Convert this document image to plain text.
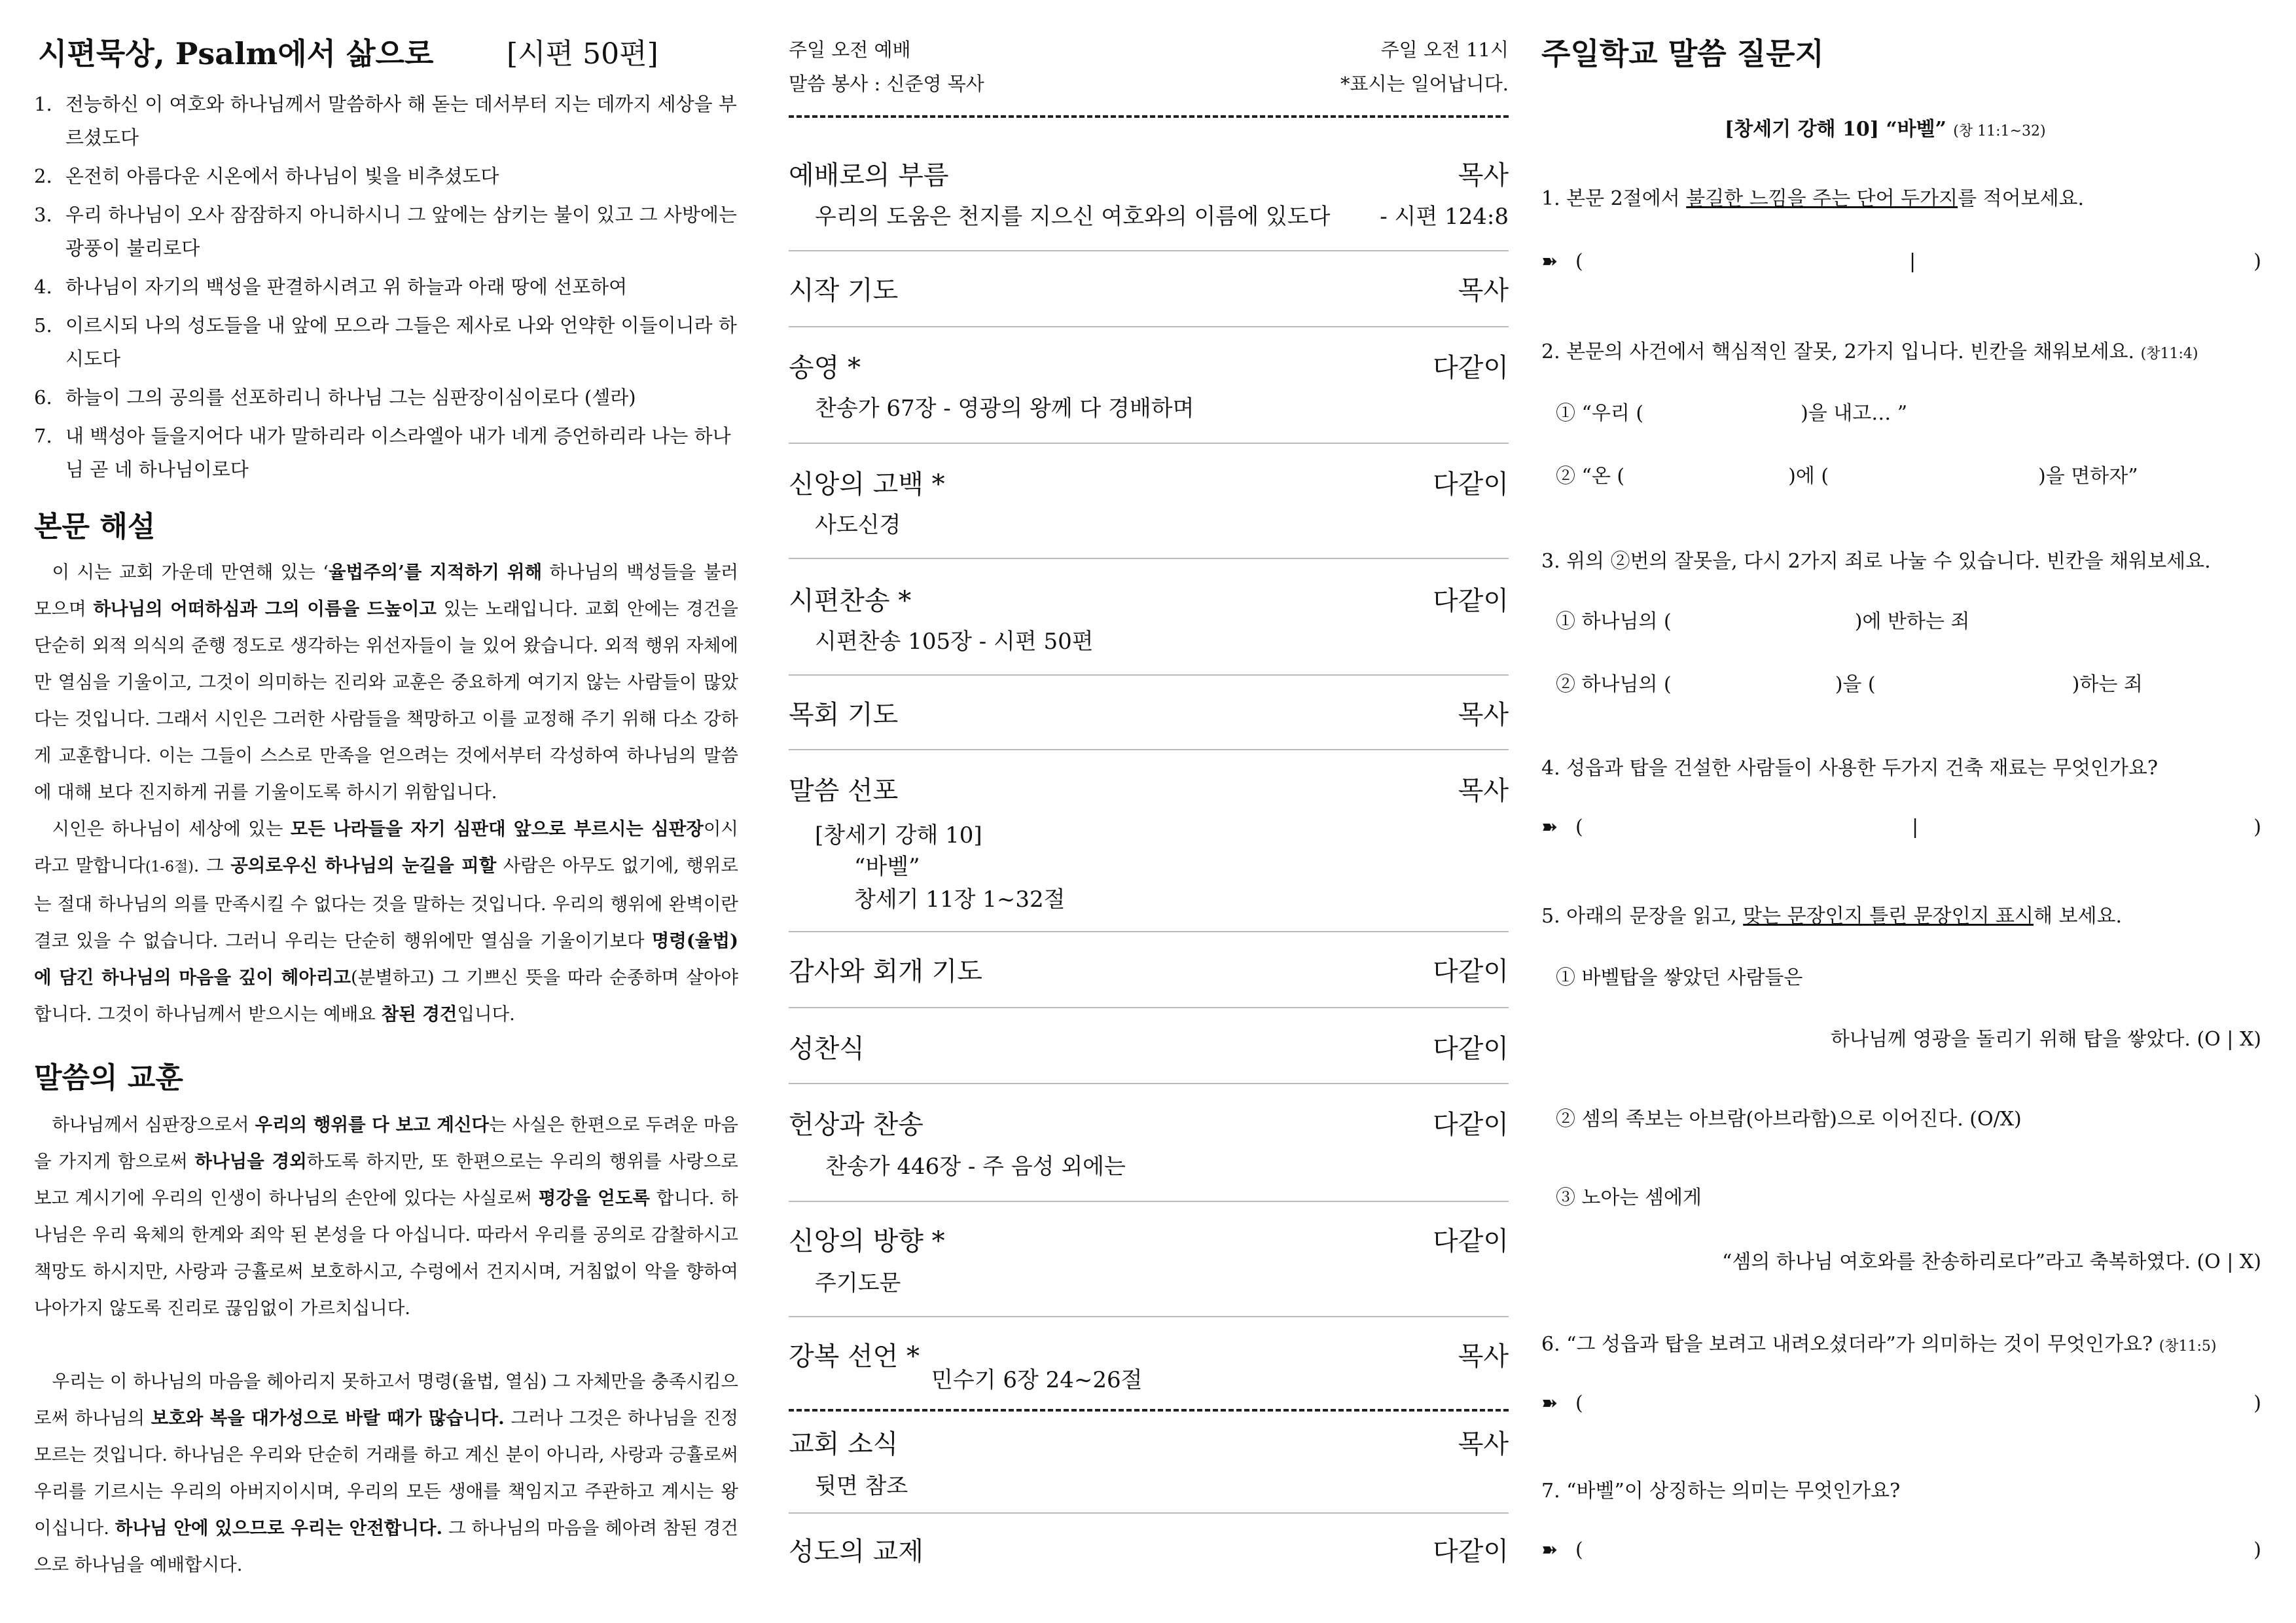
시편묵상, Psalm에서 삶으로	[시편 50편]
1. 전능하신 이 여호와 하나님께서 말씀하사 해 돋는 데서부터 지는 데까지 세상을 부르셨도다
2. 온전히 아름다운 시온에서 하나님이 빛을 비추셨도다
3. 우리 하나님이 오사 잠잠하지 아니하시니 그 앞에는 삼키는 불이 있고 그 사방에는 광풍이 불리로다
4. 하나님이 자기의 백성을 판결하시려고 위 하늘과 아래 땅에 선포하여
5. 이르시되 나의 성도들을 내 앞에 모으라 그들은 제사로 나와 언약한 이들이니라 하시도다
6. 하늘이 그의 공의를 선포하리니 하나님 그는 심판장이심이로다 (셀라)
7. 내 백성아 들을지어다 내가 말하리라 이스라엘아 내가 네게 증언하리라 나는 하나님 곧 네 하나님이로다
본문 해설

이 시는 교회 가운데 만연해 있는 ‘율법주의’를 지적하기 위해 하나님의 백성들을 불러 모으며 하나님의 어떠하심과 그의 이름을 드높이고 있는 노래입니다. 교회 안에는 경건을 단순히 외적 의식의 준행 정도로 생각하는 위선자들이 늘 있어 왔습니다. 외적 행위 자체에만 열심을 기울이고, 그것이 의미하는 진리와 교훈은 중요하게 여기지 않는 사람들이 많았다는 것입니다. 그래서 시인은 그러한 사람들을 책망하고 이를 교정해 주기 위해 다소 강하게 교훈합니다. 이는 그들이 스스로 만족을 얻으려는 것에서부터 각성하여 하나님의 말씀에 대해 보다 진지하게 귀를 기울이도록 하시기 위함입니다.

시인은 하나님이 세상에 있는 모든 나라들을 자기 심판대 앞으로 부르시는 심판장이시라고 말합니다(1-6절). 그 공의로우신 하나님의 눈길을 피할 사람은 아무도 없기에, 행위로는 절대 하나님의 의를 만족시킬 수 없다는 것을 말하는 것입니다. 우리의 행위에 완벽이란 결코 있을 수 없습니다. 그러니 우리는 단순히 행위에만 열심을 기울이기보다 명령(율법)에 담긴 하나님의 마음을 깊이 헤아리고(분별하고) 그 기쁘신 뜻을 따라 순종하며 살아야 합니다. 그것이 하나님께서 받으시는 예배요 참된 경건입니다.

말씀의 교훈

하나님께서 심판장으로서 우리의 행위를 다 보고 계신다는 사실은 한편으로 두려운 마음을 가지게 함으로써 하나님을 경외하도록 하지만, 또 한편으로는 우리의 행위를 사랑으로 보고 계시기에 우리의 인생이 하나님의 손안에 있다는 사실로써 평강을 얻도록 합니다. 하나님은 우리 육체의 한계와 죄악 된 본성을 다 아십니다. 따라서 우리를 공의로 감찰하시고 책망도 하시지만, 사랑과 긍휼로써 보호하시고, 수렁에서 건지시며, 거침없이 악을 향하여 나아가지 않도록 진리로 끊임없이 가르치십니다.

우리는 이 하나님의 마음을 헤아리지 못하고서 명령(율법, 열심) 그 자체만을 충족시킴으로써 하나님의 보호와 복을 대가성으로 바랄 때가 많습니다. 그러나 그것은 하나님을 진정 모르는 것입니다. 하나님은 우리와 단순히 거래를 하고 계신 분이 아니라, 사랑과 긍휼로써 우리를 기르시는 우리의 아버지이시며, 우리의 모든 생애를 책임지고 주관하고 계시는 왕이십니다. 하나님 안에 있으므로 우리는 안전합니다. 그 하나님의 마음을 헤아려 참된 경건으로 하나님을 예배합시다.

주일 오전 예배	주일 오전 11시
말씀 봉사 : 신준영 목사	*표시는 일어납니다.
예배로의 부름	목사
우리의 도움은 천지를 지으신 여호와의 이름에 있도다 - 시편 124:8
시작 기도	목사
송영 *	다같이
찬송가 67장 - 영광의 왕께 다 경배하며
신앙의 고백 *	다같이
사도신경
시편찬송 *	다같이
시편찬송 105장 - 시편 50편
목회 기도	목사
말씀 선포	목사
[창세기 강해 10]
“바벨”
창세기 11장 1~32절
감사와 회개 기도	다같이
성찬식	다같이
헌상과 찬송	다같이
찬송가 446장 - 주 음성 외에는
신앙의 방향 *	다같이
주기도문
강복 선언 *	목사
민수기 6장 24~26절
교회 소식	목사
뒷면 참조
성도의 교제	다같이
주일학교 말씀 질문지
[창세기 강해 10] “바벨” (창 11:1~32)
1. 본문 2절에서 불길한 느낌을 주는 단어 두가지를 적어보세요.
➽ (	|	)
2. 본문의 사건에서 핵심적인 잘못, 2가지 입니다. 빈칸을 채워보세요. (창11:4)
① “우리 (	)을 내고… ”
② “온 (	)에 (	)을 면하자”
3. 위의 ②번의 잘못을, 다시 2가지 죄로 나눌 수 있습니다. 빈칸을 채워보세요.
① 하나님의 (	)에 반하는 죄
② 하나님의 (	)을 (	)하는 죄
4. 성읍과 탑을 건설한 사람들이 사용한 두가지 건축 재료는 무엇인가요?
➽ (	|	)
5. 아래의 문장을 읽고, 맞는 문장인지 틀린 문장인지 표시해 보세요.
① 바벨탑을 쌓았던 사람들은
하나님께 영광을 돌리기 위해 탑을 쌓았다. (O | X)
② 셈의 족보는 아브람(아브라함)으로 이어진다. (O/X)
③ 노아는 셈에게
“셈의 하나님 여호와를 찬송하리로다”라고 축복하였다. (O | X)
6. “그 성읍과 탑을 보려고 내려오셨더라”가 의미하는 것이 무엇인가요? (창11:5)
➽ (	)
7. “바벨”이 상징하는 의미는 무엇인가요?
➽ (	)
